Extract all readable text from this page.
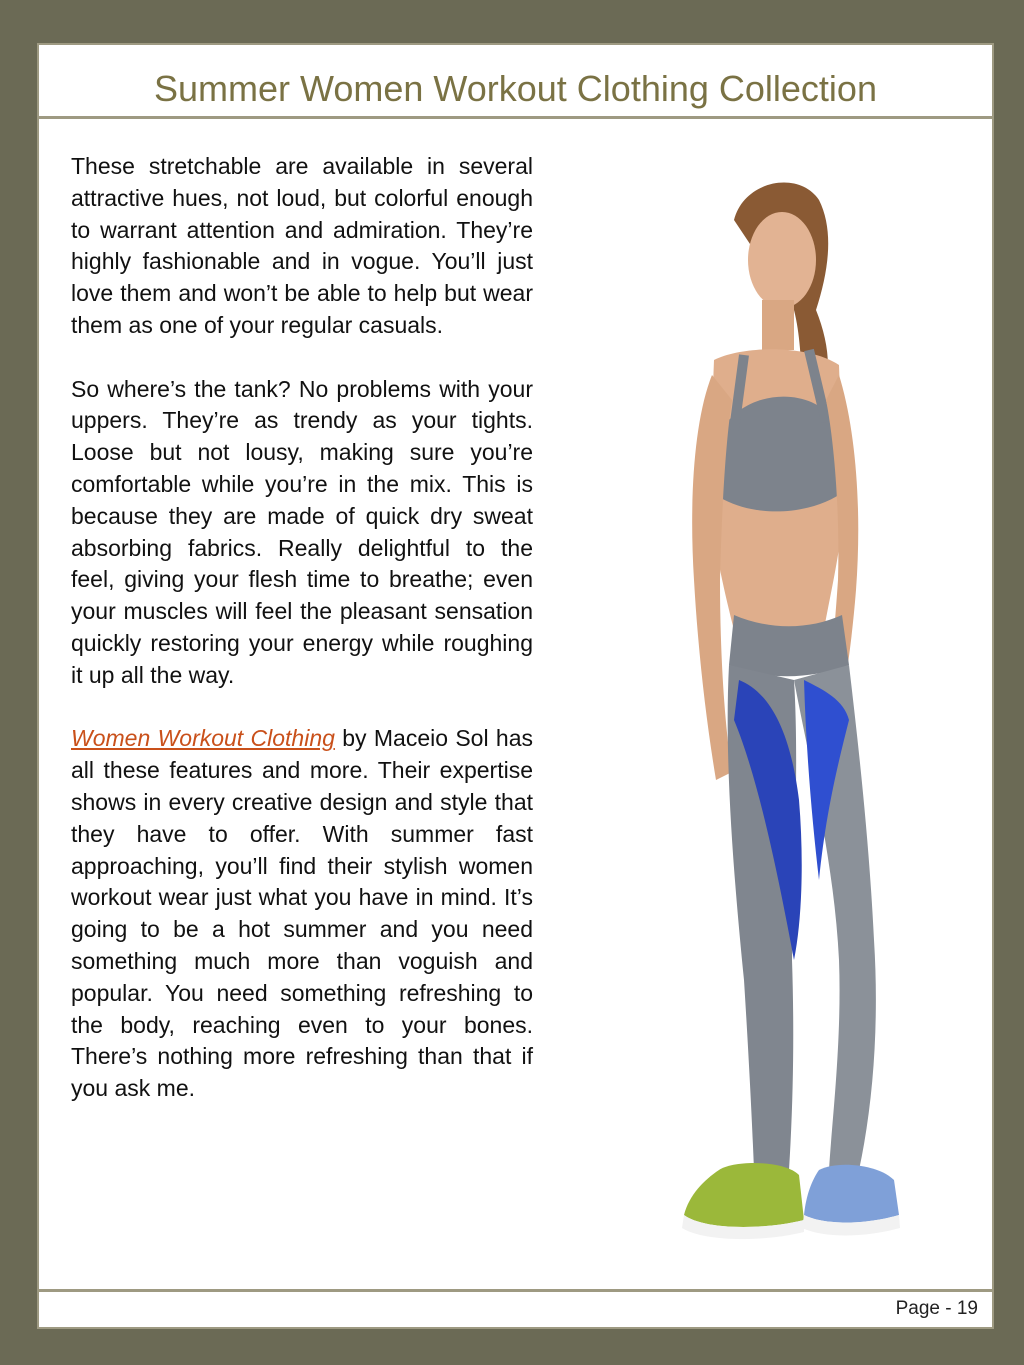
Summer Women Workout Clothing Collection

These stretchable are available in several attractive hues, not loud, but colorful enough to warrant attention and admiration. They’re highly fashionable and in vogue. You’ll just love them and won’t be able to help but wear them as one of your regular casuals.

So where’s the tank? No problems with your uppers. They’re as trendy as your tights. Loose but not lousy, making sure you’re comfortable while you’re in the mix. This is because they are made of quick dry sweat absorbing fabrics. Really delightful to the feel, giving your flesh time to breathe; even your muscles will feel the pleasant sensation quickly restoring your energy while roughing it up all the way.

Women Workout Clothing by Maceio Sol has all these features and more. Their expertise shows in every creative design and style that they have to offer. With summer fast approaching, you’ll find their stylish women workout wear just what you have in mind. It’s going to be a hot summer and you need something much more than voguish and popular. You need something refreshing to the body, reaching even to your bones. There’s nothing more refreshing than that if you ask me.

Page - 19
